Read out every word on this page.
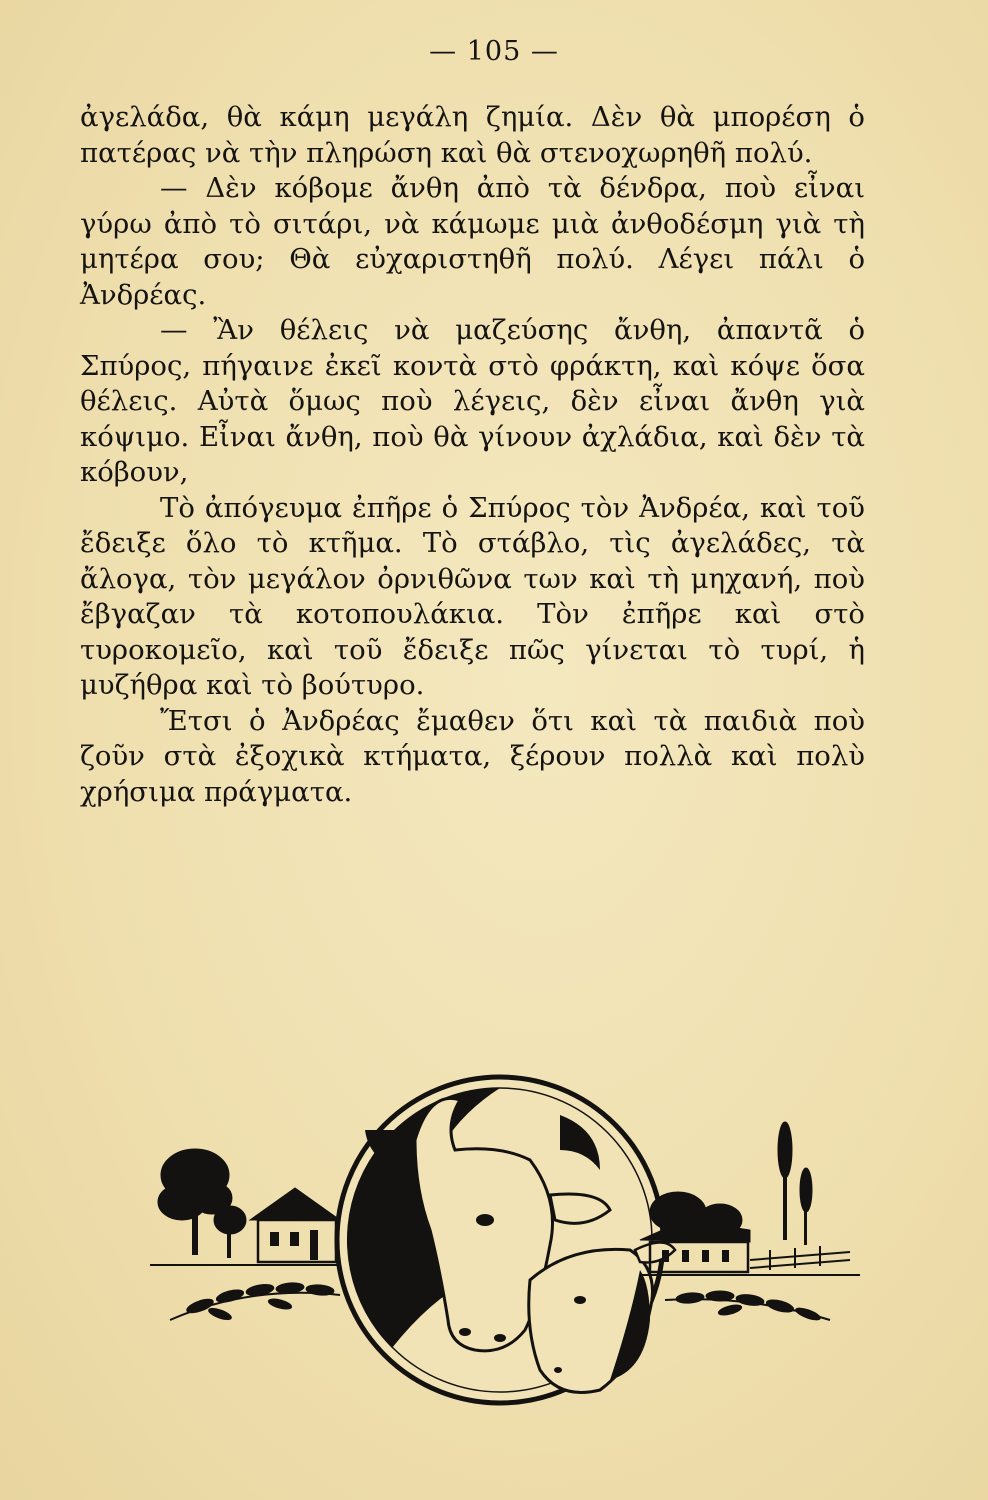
— 105 —

ἀγελάδα, θὰ κάμη μεγάλη ζημία. Δὲν θὰ μπορέση ὁ πατέρας νὰ τὴν πληρώση καὶ θὰ στενοχωρηθῆ πολύ.

— Δὲν κόβομε ἄνθη ἀπὸ τὰ δένδρα, ποὺ εἶναι γύρω ἀπὸ τὸ σιτάρι, νὰ κάμωμε μιὰ ἀνθοδέσμη γιὰ τὴ μητέρα σου; Θὰ εὐχαριστηθῆ πολύ. Λέγει πάλι ὁ Ἀνδρέας.

— Ἂν θέλεις νὰ μαζεύσης ἄνθη, ἀπαντᾶ ὁ Σπύρος, πήγαινε ἐκεῖ κοντὰ στὸ φράκτη, καὶ κόψε ὅσα θέλεις. Αὐτὰ ὅμως ποὺ λέγεις, δὲν εἶναι ἄνθη γιὰ κόψιμο. Εἶναι ἄνθη, ποὺ θὰ γίνουν ἀχλάδια, καὶ δὲν τὰ κόβουν,

Τὸ ἀπόγευμα ἐπῆρε ὁ Σπύρος τὸν Ἀνδρέα, καὶ τοῦ ἔδειξε ὅλο τὸ κτῆμα. Τὸ στάβλο, τὶς ἀγελάδες, τὰ ἄλογα, τὸν μεγάλον ὀρνιθῶνα των καὶ τὴ μηχανή, ποὺ ἔβγαζαν τὰ κοτοπουλάκια. Τὸν ἐπῆρε καὶ στὸ τυροκομεῖο, καὶ τοῦ ἔδειξε πῶς γίνεται τὸ τυρί, ἡ μυζήθρα καὶ τὸ βούτυρο.

Ἔτσι ὁ Ἀνδρέας ἔμαθεν ὅτι καὶ τὰ παιδιὰ ποὺ ζοῦν στὰ ἐξοχικὰ κτήματα, ξέρουν πολλὰ καὶ πολὺ χρήσιμα πράγματα.
